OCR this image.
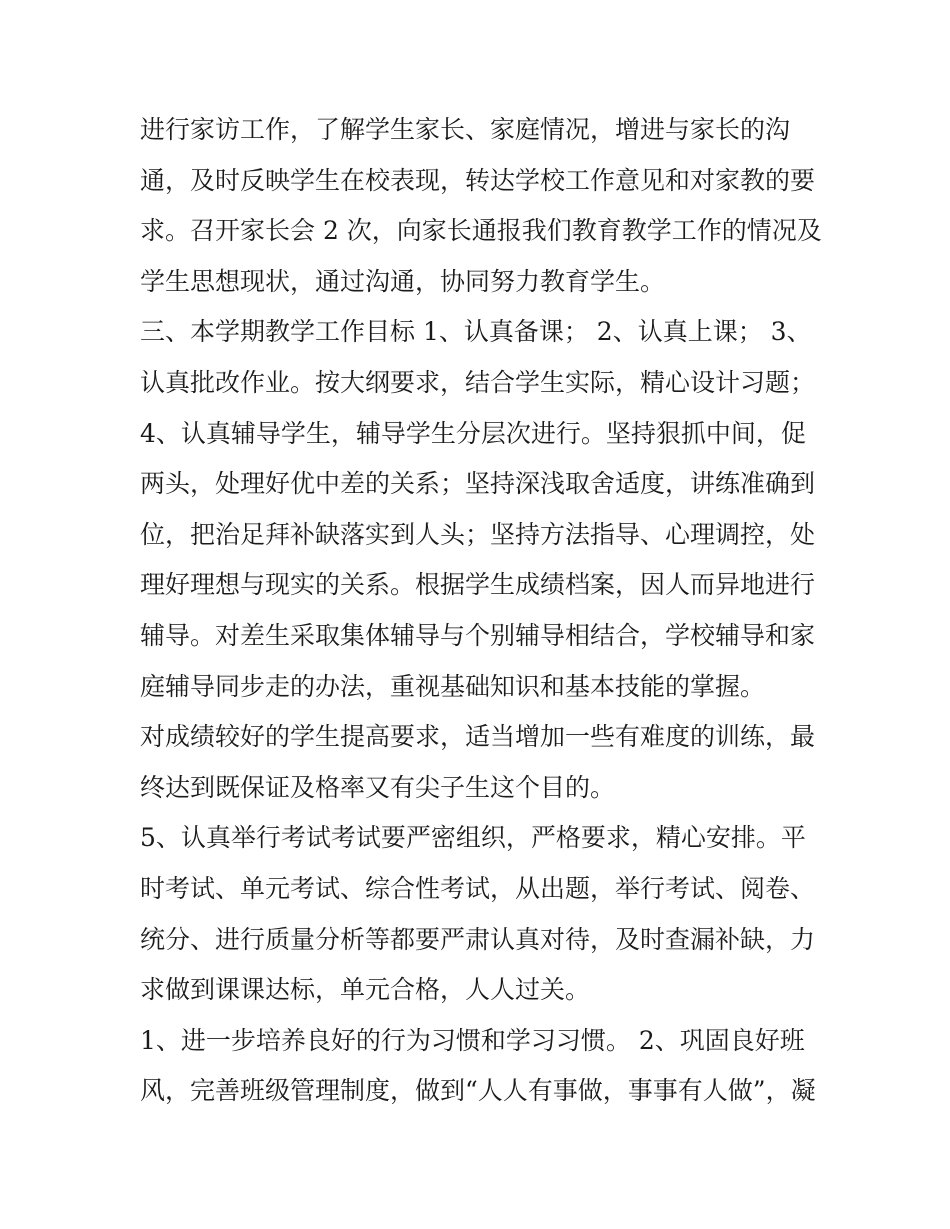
进行家访工作，了解学生家长、家庭情况，增进与家长的沟
通，及时反映学生在校表现，转达学校工作意见和对家教的要
求。召开家长会 2 次，向家长通报我们教育教学工作的情况及
学生思想现状，通过沟通，协同努力教育学生。
三、本学期教学工作目标 1、认真备课； 2、认真上课； 3、
认真批改作业。按大纲要求，结合学生实际，精心设计习题；
4、认真辅导学生，辅导学生分层次进行。坚持狠抓中间，促
两头，处理好优中差的关系；坚持深浅取舍适度，讲练准确到
位，把治足拜补缺落实到人头；坚持方法指导、心理调控，处
理好理想与现实的关系。根据学生成绩档案，因人而异地进行
辅导。对差生采取集体辅导与个别辅导相结合，学校辅导和家
庭辅导同步走的办法，重视基础知识和基本技能的掌握。
对成绩较好的学生提高要求，适当增加一些有难度的训练，最
终达到既保证及格率又有尖子生这个目的。
5、认真举行考试考试要严密组织，严格要求，精心安排。平
时考试、单元考试、综合性考试，从出题，举行考试、阅卷、
统分、进行质量分析等都要严肃认真对待，及时查漏补缺，力
求做到课课达标，单元合格，人人过关。
1、进一步培养良好的行为习惯和学习习惯。 2、巩固良好班
风，完善班级管理制度，做到“人人有事做，事事有人做”，凝
